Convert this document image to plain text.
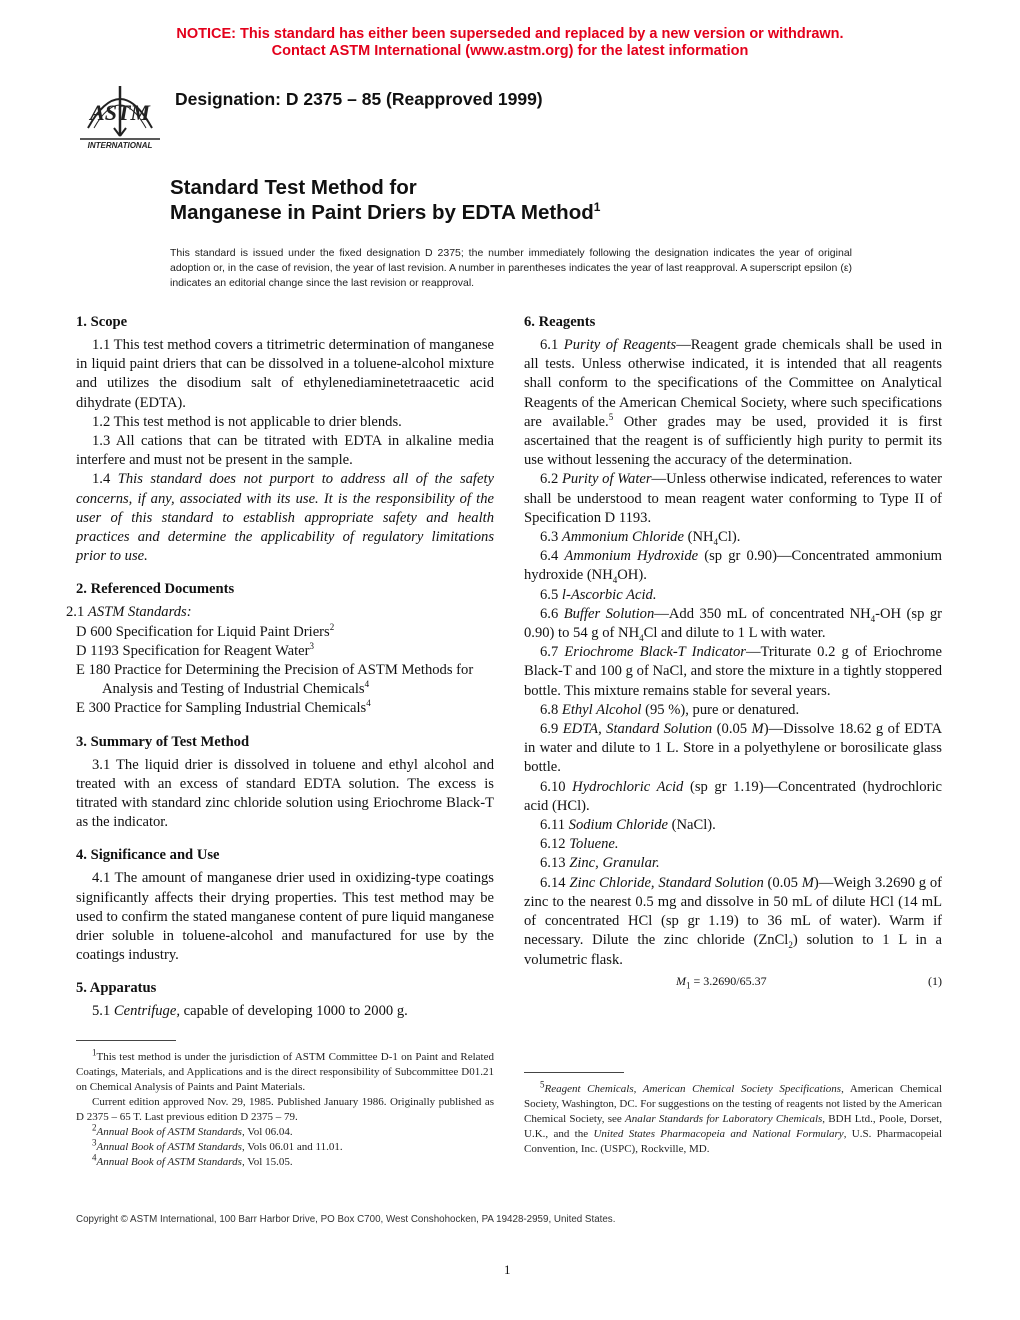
NOTICE: This standard has either been superseded and replaced by a new version or withdrawn.
Contact ASTM International (www.astm.org) for the latest information
ASTM
INTERNATIONAL
Designation: D 2375 – 85 (Reapproved 1999)
Standard Test Method for
Manganese in Paint Driers by EDTA Method$^1$
This standard is issued under the fixed designation D 2375; the number immediately following the designation indicates the year of original adoption or, in the case of revision, the year of last revision. A number in parentheses indicates the year of last reapproval. A superscript epsilon (ε) indicates an editorial change since the last revision or reapproval.
1. Scope

1.1 This test method covers a titrimetric determination of manganese in liquid paint driers that can be dissolved in a toluene-alcohol mixture and utilizes the disodium salt of ethylenediaminetetraacetic acid dihydrate (EDTA).

1.2 This test method is not applicable to drier blends.

1.3 All cations that can be titrated with EDTA in alkaline media interfere and must not be present in the sample.

1.4 This standard does not purport to address all of the safety concerns, if any, associated with its use. It is the responsibility of the user of this standard to establish appropriate safety and health practices and determine the applicability of regulatory limitations prior to use.

2. Referenced Documents

2.1 ASTM Standards:

D 600 Specification for Liquid Paint Driers$^2$

D 1193 Specification for Reagent Water$^3$

E 180 Practice for Determining the Precision of ASTM Methods for Analysis and Testing of Industrial Chemicals$^4$

E 300 Practice for Sampling Industrial Chemicals$^4$

3. Summary of Test Method

3.1 The liquid drier is dissolved in toluene and ethyl alcohol and treated with an excess of standard EDTA solution. The excess is titrated with standard zinc chloride solution using Eriochrome Black-T as the indicator.

4. Significance and Use

4.1 The amount of manganese drier used in oxidizing-type coatings significantly affects their drying properties. This test method may be used to confirm the stated manganese content of pure liquid manganese drier soluble in toluene-alcohol and manufactured for use by the coatings industry.

5. Apparatus

5.1 Centrifuge, capable of developing 1000 to 2000 g.

6. Reagents

6.1 Purity of Reagents—Reagent grade chemicals shall be used in all tests. Unless otherwise indicated, it is intended that all reagents shall conform to the specifications of the Committee on Analytical Reagents of the American Chemical Society, where such specifications are available.$^5$ Other grades may be used, provided it is first ascertained that the reagent is of sufficiently high purity to permit its use without lessening the accuracy of the determination.

6.2 Purity of Water—Unless otherwise indicated, references to water shall be understood to mean reagent water conforming to Type II of Specification D 1193.

6.3 Ammonium Chloride $(NH_4Cl)$.

6.4 Ammonium Hydroxide (sp gr 0.90)—Concentrated ammonium hydroxide $(NH_4OH)$.

6.5 l-Ascorbic Acid.

6.6 Buffer Solution—Add 350 mL of concentrated $NH_4-OH$ (sp gr 0.90) to 54 g of $NH_4Cl$ and dilute to 1 L with water.

6.7 Eriochrome Black-T Indicator—Triturate 0.2 g of Eriochrome Black-T and 100 g of NaCl, and store the mixture in a tightly stoppered bottle. This mixture remains stable for several years.

6.8 Ethyl Alcohol (95 %), pure or denatured.

6.9 EDTA, Standard Solution (0.05 M)—Dissolve 18.62 g of EDTA in water and dilute to 1 L. Store in a polyethylene or borosilicate glass bottle.

6.10 Hydrochloric Acid (sp gr 1.19)—Concentrated (hydrochloric acid (HCl).

6.11 Sodium Chloride (NaCl).

6.12 Toluene.

6.13 Zinc, Granular.

6.14 Zinc Chloride, Standard Solution (0.05 M)—Weigh 3.2690 g of zinc to the nearest 0.5 mg and dissolve in 50 mL of dilute HCl (14 mL of concentrated HCl (sp gr 1.19) to 36 mL of water). Warm if necessary. Dilute the zinc chloride (ZnCl$_2$) solution to 1 L in a volumetric flask.

$M_1 = 3.2690/65.37$	(1)

$^1$This test method is under the jurisdiction of ASTM Committee D-1 on Paint and Related Coatings, Materials, and Applications and is the direct responsibility of Subcommittee D01.21 on Chemical Analysis of Paints and Paint Materials.

Current edition approved Nov. 29, 1985. Published January 1986. Originally published as D 2375 – 65 T. Last previous edition D 2375 – 79.

$^2$Annual Book of ASTM Standards, Vol 06.04.

$^3$Annual Book of ASTM Standards, Vols 06.01 and 11.01.

$^4$Annual Book of ASTM Standards, Vol 15.05.

$^5$Reagent Chemicals, American Chemical Society Specifications, American Chemical Society, Washington, DC. For suggestions on the testing of reagents not listed by the American Chemical Society, see Analar Standards for Laboratory Chemicals, BDH Ltd., Poole, Dorset, U.K., and the United States Pharmacopeia and National Formulary, U.S. Pharmacopeial Convention, Inc. (USPC), Rockville, MD.

Copyright © ASTM International, 100 Barr Harbor Drive, PO Box C700, West Conshohocken, PA 19428-2959, United States.
1
